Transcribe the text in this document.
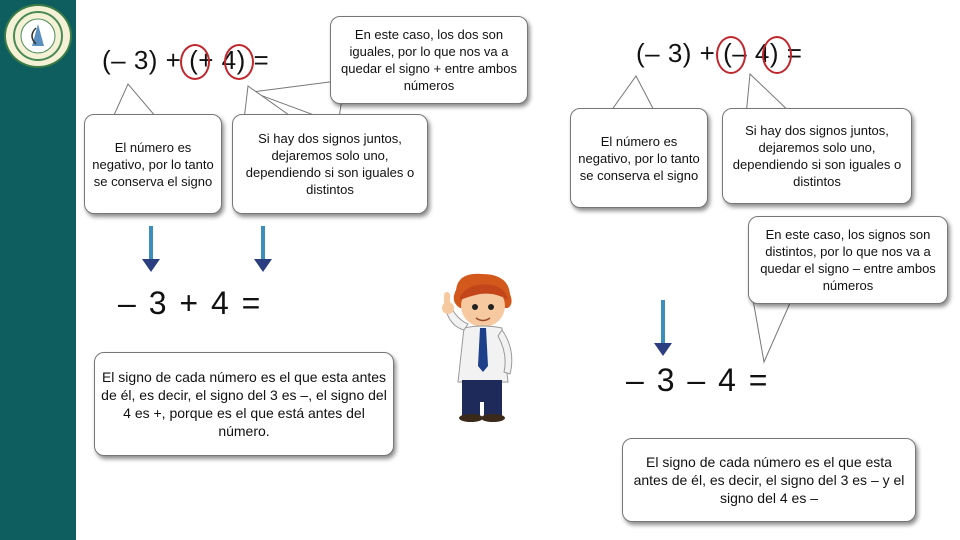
(– 3) + (+ 4) =
En este caso, los dos son iguales, por lo que nos va a quedar el signo + entre ambos números
El número es negativo, por lo tanto se conserva el signo
Si hay dos signos juntos, dejaremos solo uno, dependiendo si son iguales o distintos
– 3 + 4 =
El signo de cada número es el que esta antes de él, es decir, el signo del 3 es –, el signo del 4 es +, porque es el que está antes del número.
(– 3) + (– 4) =
El número es negativo, por lo tanto se conserva el signo
Si hay dos signos juntos, dejaremos solo uno, dependiendo si son iguales o distintos
En este caso, los signos son distintos, por lo que nos va a quedar el signo – entre ambos números
– 3 – 4 =
El signo de cada número es el que esta antes de él, es decir, el signo del 3 es – y el signo del 4 es –
